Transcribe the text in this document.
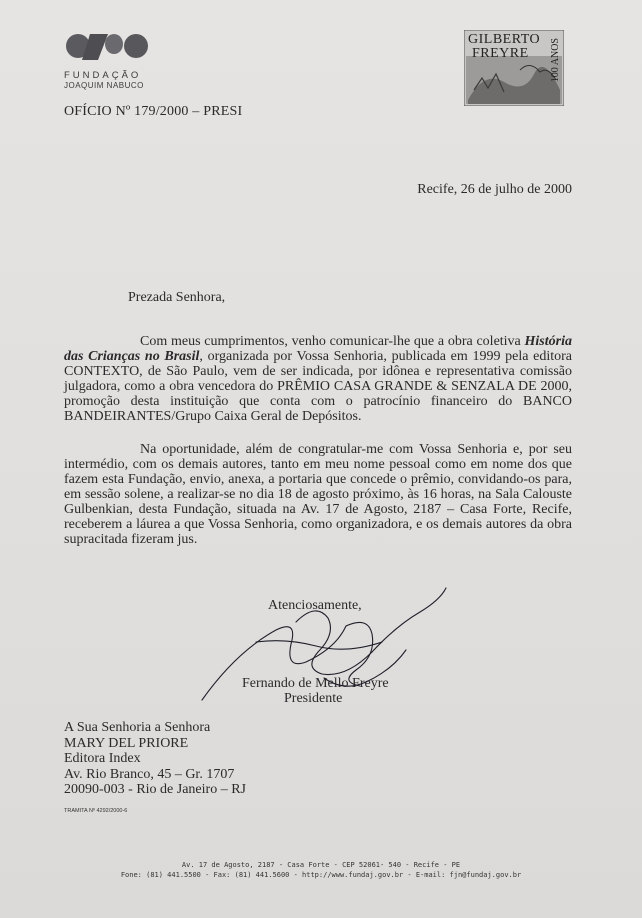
FUNDAÇÃO
JOAQUIM NABUCO
GILBERTO
FREYRE 100 ANOS
OFÍCIO Nº 179/2000 – PRESI
Recife, 26 de julho de 2000
Prezada Senhora,
Com meus cumprimentos, venho comunicar-lhe que a obra coletiva História das Crianças no Brasil, organizada por Vossa Senhoria, publicada em 1999 pela editora CONTEXTO, de São Paulo, vem de ser indicada, por idônea e representativa comissão julgadora, como a obra vencedora do PRÊMIO CASA GRANDE & SENZALA DE 2000, promoção desta instituição que conta com o patrocínio financeiro do BANCO BANDEIRANTES/Grupo Caixa Geral de Depósitos.
Na oportunidade, além de congratular-me com Vossa Senhoria e, por seu intermédio, com os demais autores, tanto em meu nome pessoal como em nome dos que fazem esta Fundação, envio, anexa, a portaria que concede o prêmio, convidando-os para, em sessão solene, a realizar-se no dia 18 de agosto próximo, às 16 horas, na Sala Calouste Gulbenkian, desta Fundação, situada na Av. 17 de Agosto, 2187 – Casa Forte, Recife, receberem a láurea a que Vossa Senhoria, como organizadora, e os demais autores da obra supracitada fizeram jus.
Atenciosamente,
Fernando de Mello Freyre
Presidente
A Sua Senhoria a Senhora
MARY DEL PRIORE
Editora Index
Av. Rio Branco, 45 – Gr. 1707
20090-003 - Rio de Janeiro – RJ
TRAMITA Nº 4292/2000-6
Av. 17 de Agosto, 2187 - Casa Forte - CEP 52061- 540 - Recife - PE
Fone: (81) 441.5500 - Fax: (81) 441.5600 - http://www.fundaj.gov.br - E-mail: fjn@fundaj.gov.br
